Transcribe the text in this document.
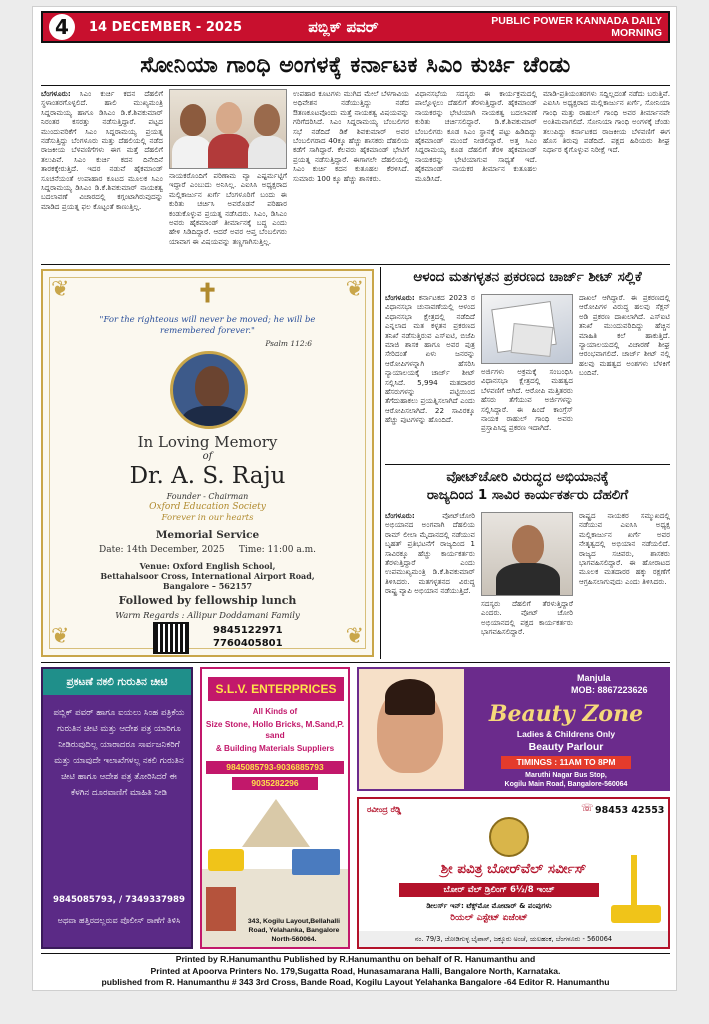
4	14 DECEMBER - 2025	ಪಬ್ಲಿಕ್ ಪವರ್	PUBLIC POWER KANNADA DAILY MORNING
ಸೋನಿಯಾ ಗಾಂಧಿ ಅಂಗಳಕ್ಕೆ ಕರ್ನಾಟಕ ಸಿಎಂ ಕುರ್ಚಿ ಚೆಂಡು
ಬೆಂಗಳೂರು: ಸಿಎಂ ಕುರ್ಚಿ ಕದನ ದೆಹಲಿಗೆ ಸ್ಥಳಾಂತರಗೊಳ್ಳಲಿದೆ. ಹಾಲಿ ಮುಖ್ಯಮಂತ್ರಿ ಸಿದ್ದರಾಮಯ್ಯ ಹಾಗೂ ಡಿಸಿಎಂ ಡಿ.ಕೆ.ಶಿವಕುಮಾರ್ ನಿರಂತರ ಕಸರತ್ತು ನಡೆಸುತ್ತಿದ್ದಾರೆ. ಪಟ್ಟದ ಮುಂದುವರಿಕೆಗೆ ಸಿಎಂ ಸಿದ್ದರಾಮಯ್ಯ ಪ್ರಯತ್ನ ನಡೆಸುತ್ತಿದ್ದು ಬೆಂಗಳೂರು ಮತ್ತು ದೆಹಲಿಯಲ್ಲಿ ನಡೆದ ರಾಜಕೀಯ ಬೆಳವಣಿಗೆಗಳು ಈಗ ಮತ್ತೆ ದೆಹಲಿಗೆ ತಲುಪಿವೆ. ಸಿಎಂ ಕುರ್ಚಿ ಕದನ ದಿನೇದಿನೆ ತಾರಕಕ್ಕೇರುತ್ತಿದೆ. ಇದರ ನಡುವೆ ಹೈಕಮಾಂಡ್ ಸೂಚನೆಯಂತೆ ಉಪಾಹಾರ ಕೂಟದ ಮೂಲಕ ಸಿಎಂ ಸಿದ್ದರಾಮಯ್ಯ ಡಿಸಿಎಂ ಡಿ.ಕೆ.ಶಿವಕುಮಾರ್ ನಾಯಕತ್ವ ಬದಲಾವಣೆ ವಿಚಾರದಲ್ಲಿ ಕಗ್ಗಂಟಾಗಿರುವುದನ್ನು ಮಾಡಿದ ಪ್ರಯತ್ನ ಫಲ ಕೊಟ್ಟಂತೆ ಕಾಣುತ್ತಿಲ್ಲ.
ನಾಯಕರೊಂದಿಗೆ ಪರಿಣಾಮ ವ್ಯಾ ಎಷ್ಟರ್ಮಟ್ಟಿಗೆ ಇದ್ದಾರೆ ಎಂಬುದು ಅನಿಸಿಲ್ಲ. ಎಐಸಿಸಿ ಅಧ್ಯಕ್ಷರಾದ ಮಲ್ಲಿಕಾರ್ಜುನ ಖರ್ಗೆ ಬೆಂಗಳೂರಿಗೆ ಬಂದು ಈ ಕುರಿತು ಚರ್ಚಿಸಿ ಅವರೊಡನೆ ಪರಿಹಾರ ಕಂಡುಕೊಳ್ಳುವ ಪ್ರಯತ್ನ ನಡೆಸಿದರು. ಸಿಎಂ, ಡಿಸಿಎಂ ಅವರು ಹೈಕಮಾಂಡ್ ತೀರ್ಮಾನಕ್ಕೆ ಬದ್ಧ ಎಂದು ಹೇಳಿ ಸಿಡಿದಿದ್ದಾರೆ. ಆದರೆ ಅವರ ಆಪ್ತ ಬೆಂಬಲಿಗರು ಯಾವಾಗ ಈ ವಿಷಯವನ್ನು ತಣ್ಣಗಾಗಿಸುತ್ತಿಲ್ಲ.
ಉಪಹಾರ ಕೂಟಗಳು ಮುಗಿದ ಮೇಲೆ ಬೆಳಗಾವಿಯ ಅಧಿವೇಶನ ನಡೆಯುತ್ತಿದ್ದು ನಡೆದ ಔತಣಕೂಟವೊಂದು ಮತ್ತೆ ನಾಯಕತ್ವ ವಿಷಯವನ್ನು ಗರಿಗೆದರಿಸಿದೆ. ಸಿಎಂ ಸಿದ್ದರಾಮಯ್ಯ ಬೆಂಬಲಿಗರ ಸಭೆ ನಡೆದಿದೆ ಡಿಕೆ ಶಿವಕುಮಾರ್ ಅವರ ಬೆಂಬಲಿಗರಾದ 40ಕ್ಕೂ ಹೆಚ್ಚು ಶಾಸಕರು ದೆಹಲಿಯ ಕಡೆಗೆ ಸಾಗಿದ್ದಾರೆ. ಕೆಲವರು ಹೈಕಮಾಂಡ್ ಭೇಟಿಗೆ ಪ್ರಯತ್ನ ನಡೆಸುತ್ತಿದ್ದಾರೆ. ಈಗಾಗಲೇ ದೆಹಲಿಯಲ್ಲಿ ಸಿಎಂ ಕುರ್ಚಿ ಕದನ ಕುತೂಹಲ ಕೆರಳಿಸಿದೆ. ಸುಮಾರು 100 ಕ್ಕೂ ಹೆಚ್ಚು ಶಾಸಕರು.
ವಿಧಾನಸಭೆಯ ಸದಸ್ಯರು ಈ ಕಾರ್ಯಕ್ರಮದಲ್ಲಿ ಪಾಲ್ಗೊಳ್ಳಲು ದೆಹಲಿಗೆ ತೆರಳುತ್ತಿದ್ದಾರೆ. ಹೈಕಮಾಂಡ್ ನಾಯಕರನ್ನು ಭೇಟಿಯಾಗಿ ನಾಯಕತ್ವ ಬದಲಾವಣೆ ಕುರಿತು ಚರ್ಚಿಸಲಿದ್ದಾರೆ. ಡಿ.ಕೆ.ಶಿವಕುಮಾರ್ ಬೆಂಬಲಿಗರು ಕೂಡ ಸಿಎಂ ಸ್ಥಾನಕ್ಕೆ ಪಟ್ಟು ಹಿಡಿದಿದ್ದು ಹೈಕಮಾಂಡ್ ಮುಂದೆ ನೀಡಲಿದ್ದಾರೆ. ಅತ್ತ ಸಿಎಂ ಸಿದ್ದರಾಮಯ್ಯ ಕೂಡ ದೆಹಲಿಗೆ ತೆರಳಿ ಹೈಕಮಾಂಡ್ ನಾಯಕರನ್ನು ಭೇಟಿಯಾಗುವ ಸಾಧ್ಯತೆ ಇದೆ. ಹೈಕಮಾಂಡ್ ನಾಯಕರ ತೀರ್ಮಾನ ಕುತೂಹಲ ಮೂಡಿಸಿದೆ.
ಮಾಡಿ-ಪ್ರತಿಯಂತರಗಳು ಸದ್ದಿಲ್ಲದಂತೆ ನಡೆದು ಬರುತ್ತಿವೆ. ಎಐಸಿಸಿ ಅಧ್ಯಕ್ಷರಾದ ಮಲ್ಲಿಕಾರ್ಜುನ ಖರ್ಗೆ, ಸೋನಿಯಾ ಗಾಂಧಿ ಮತ್ತು ರಾಹುಲ್ ಗಾಂಧಿ ಅವರ ತೀರ್ಮಾನವೇ ಅಂತಿಮವಾಗಲಿದೆ. ಸೋನಿಯಾ ಗಾಂಧಿ ಅಂಗಳಕ್ಕೆ ಚೆಂಡು ತಲುಪಿದ್ದು ಕರ್ನಾಟಕದ ರಾಜಕೀಯ ಬೆಳವಣಿಗೆ ಈಗ ಹೊಸ ತಿರುವು ಪಡೆದಿದೆ. ಪಕ್ಷದ ಹಿರಿಯರು ಶೀಘ್ರ ನಿರ್ಧಾರ ಕೈಗೊಳ್ಳುವ ನಿರೀಕ್ಷೆ ಇದೆ.
❦	❦
❦	❦
✝
"For the righteous will never be moved; he will be remembered forever."
Psalm 112:6
In Loving Memory
of
Dr. A. S. Raju
Founder - Chairman
Oxford Education Society
Forever in our hearts
Memorial Service
Date: 14th December, 2025     Time: 11:00 a.m.
Venue: Oxford English School,
Bettahalsoor Cross, International Airport Road,
Bangalore – 562157
Followed by fellowship lunch
Warm Regards : Allipur Doddamani Family
9845122971
7760405801
ಆಳಂದ ಮತಗಳ್ಳತನ ಪ್ರಕರಣದ ಚಾರ್ಜ್ ಶೀಟ್ ಸಲ್ಲಿಕೆ
ಬೆಂಗಳೂರು: ಕರ್ನಾಟಕದ 2023 ರ ವಿಧಾನಸಭಾ ಚುನಾವಣೆಯಲ್ಲಿ ಆಳಂದ ವಿಧಾನಸಭಾ ಕ್ಷೇತ್ರದಲ್ಲಿ ನಡೆದಿದೆ ಎನ್ನಲಾದ ಮತ ಕಳ್ಳತನ ಪ್ರಕರಣದ ತನಿಖೆ ನಡೆಸುತ್ತಿರುವ ಎಸ್ಐಟಿ, ಬಿಜೆಪಿ ಮಾಜಿ ಶಾಸಕ ಹಾಗೂ ಅವರ ಪುತ್ರ ಸೇರಿದಂತೆ ಏಳು ಜನರನ್ನು ಆರೋಪಿಗಳನ್ನಾಗಿ ಹೆಸರಿಸಿ ನ್ಯಾಯಾಲಯಕ್ಕೆ ಚಾರ್ಜ್ ಶೀಟ್ ಸಲ್ಲಿಸಿದೆ. 5,994 ಮತದಾರರ ಹೆಸರುಗಳನ್ನು ಪಟ್ಟಿಯಿಂದ ತೆಗೆದುಹಾಕಲು ಪ್ರಯತ್ನಿಸಲಾಗಿದೆ ಎಂದು ಆರೋಪಿಸಲಾಗಿದೆ. 22 ಸಾವಿರಕ್ಕೂ ಹೆಚ್ಚು ಪುಟಗಳನ್ನು ಹೊಂದಿದೆ.
ಅರ್ಜಿಗಳು ಅಕ್ರಮಕ್ಕೆ ಸಂಬಂಧಿಸಿ ವಿಧಾನಸಭಾ ಕ್ಷೇತ್ರದಲ್ಲಿ ಮಹತ್ವದ ಬೆಳವಣಿಗೆ ಆಗಿದೆ. ಆರೋಪಿ ಮತ್ತಿತರರು ಹೆಸರು ತೆಗೆಯುವ ಅರ್ಜಿಗಳನ್ನು ಸಲ್ಲಿಸಿದ್ದಾರೆ. ಈ ಹಿಂದೆ ಕಾಂಗ್ರೆಸ್ ನಾಯಕ ರಾಹುಲ್ ಗಾಂಧಿ ಅವರು ಪ್ರಸ್ತಾಪಿಸಿದ್ದ ಪ್ರಕರಣ ಇದಾಗಿದೆ.
ದಾಖಲೆ ಆಗಿದ್ದಾರೆ. ಈ ಪ್ರಕರಣದಲ್ಲಿ ಆರೋಪಿಗಳ ವಿರುದ್ಧ ಹಲವು ಸೆಕ್ಷನ್ ಅಡಿ ಪ್ರಕರಣ ದಾಖಲಾಗಿದೆ. ಎಸ್ಐಟಿ ತನಿಖೆ ಮುಂದುವರಿದಿದ್ದು ಹೆಚ್ಚಿನ ಮಾಹಿತಿ ಕಲೆ ಹಾಕುತ್ತಿದೆ. ನ್ಯಾಯಾಲಯದಲ್ಲಿ ವಿಚಾರಣೆ ಶೀಘ್ರ ಆರಂಭವಾಗಲಿದೆ. ಚಾರ್ಜ್ ಶೀಟ್ ನಲ್ಲಿ ಹಲವು ಮಹತ್ವದ ಅಂಶಗಳು ಬೆಳಕಿಗೆ ಬಂದಿವೆ.
ವೋಟ್‌ಚೋರಿ ವಿರುದ್ಧದ ಅಭಿಯಾನಕ್ಕೆ
ರಾಜ್ಯದಿಂದ 1 ಸಾವಿರ ಕಾರ್ಯಕರ್ತರು ದೆಹಲಿಗೆ
ಬೆಂಗಳೂರು:	ವೋಟ್‌ಚೋರಿ ಅಭಿಯಾನದ ಅಂಗವಾಗಿ ದೆಹಲಿಯ ರಾಮ್ ಲೀಲಾ ಮೈದಾನದಲ್ಲಿ ನಡೆಯುವ ಬೃಹತ್ ಪ್ರತಿಭಟನೆಗೆ ರಾಜ್ಯದಿಂದ 1 ಸಾವಿರಕ್ಕೂ ಹೆಚ್ಚು ಕಾರ್ಯಕರ್ತರು ತೆರಳುತ್ತಿದ್ದಾರೆ ಎಂದು ಉಪಮುಖ್ಯಮಂತ್ರಿ ಡಿ.ಕೆ.ಶಿವಕುಮಾರ್ ತಿಳಿಸಿದರು. ಮತಗಳ್ಳತನದ ವಿರುದ್ಧ ರಾಷ್ಟ್ರ ವ್ಯಾಪಿ ಅಭಿಯಾನ ನಡೆಯುತ್ತಿದೆ.
ಸದಸ್ಯರು ದೆಹಲಿಗೆ ತೆರಳುತ್ತಿದ್ದಾರೆ ಎಂದರು. ವೋಟ್ ಚೋರಿ ಅಭಿಯಾನದಲ್ಲಿ ಪಕ್ಷದ ಕಾರ್ಯಕರ್ತರು ಭಾಗವಹಿಸಲಿದ್ದಾರೆ.
ರಾಷ್ಟ್ರದ ನಾಯಕರ ಸಮ್ಮುಖದಲ್ಲಿ ನಡೆಯುವ ಎಐಸಿಸಿ ಅಧ್ಯಕ್ಷ ಮಲ್ಲಿಕಾರ್ಜುನ ಖರ್ಗೆ ಅವರ ನೇತೃತ್ವದಲ್ಲಿ ಅಭಿಯಾನ ನಡೆಯಲಿದೆ. ರಾಜ್ಯದ ಸಚಿವರು, ಶಾಸಕರು ಭಾಗವಹಿಸಲಿದ್ದಾರೆ. ಈ ಹೋರಾಟದ ಮೂಲಕ ಮತದಾರರ ಹಕ್ಕು ರಕ್ಷಣೆಗೆ ಆಗ್ರಹಿಸಲಾಗುವುದು ಎಂದು ತಿಳಿಸಿದರು.
ಪ್ರಕಟಣೆ ನಕಲಿ ಗುರುತಿನ ಚೀಟಿ
ಪಬ್ಲಿಕ್ ಪವರ್ ಹಾಗೂ ಐಯಲು ಸಿಂಹ ಪತ್ರಿಕೆಯ ಗುರುತಿನ ಚೀಟಿ ಮತ್ತು ಆದೇಶ ಪತ್ರ ಯಾರಿಗೂ ನೀಡಿರುವುದಿಲ್ಲ ಯಾರಾದರೂ ಸಾರ್ವಜನಿಕರಿಗೆ ಮತ್ತು ಯಾವುದೇ ಇಲಾಖೆಗಳಲ್ಲ ನಕಲಿ ಗುರುತಿನ ಚೀಟಿ ಹಾಗೂ ಆದೇಶ ಪತ್ರ ತೋರಿಸಿದರೆ ಈ ಕೆಳಗಿನ ದೂರವಾಣಿಗೆ ಮಾಹಿತಿ ನೀಡಿ
9845085793, / 7349337989
ಅಥವಾ ಹತ್ತಿರದಲ್ಲರುವ ಪೊಲೀಸ್ ಠಾಣೆಗೆ ತಿಳಿಸಿ
S.L.V. ENTERPRICES
All Kinds of
Size Stone, Hollo Bricks, M.Sand,P. sand
& Building Materials Suppliers
9845085793-9036885793
9035282296
343, Kogilu Layout,Bellahalli Road, Yelahanka, Bangalore North-560064.
Manjula
MOB: 8867223626
Beauty Zone
Ladies & Childrens Only
Beauty Parlour
TIMINGS : 11AM TO 8PM
Maruthi Nagar Bus Stop,
Kogilu Main Road, Bangalore-560064
ರವೀಂದ್ರ ರೆಡ್ಡಿ	☏ 98453 42553
ಶ್ರೀ ಪವಿತ್ರ ಬೋರ್‌ವೆಲ್ ಸರ್ವೀಸ್
ಬೋರ್ ವೆಲ್ ಡ್ರಿಲಿಂಗ್ 6½/8 ಇಂಚ್
ಡೀಲರ್ಸ್ ಇನ್: ಟೆಕ್ಸ್‌ಮೋ ಮೋಟಾರ್ & ಪಂಪುಗಳು
ರಿಯಲ್ ಎಸ್ಟೇಟ್ ಏಜೆಂಟ್
ನಂ. 79/3, ಜೋಡಿಗುಳ್ಳ ಬೈಪಾಸ್, ಜಕ್ಕೂರು ಅಂಚೆ, ಯಲಹಂಕ, ಬೆಂಗಳೂರು - 560064
Printed by R.Hanumanthu Published by R.Hanumanthu on behalf of R. Hanumanthu and
Printed at Apoorva Printers No. 179,Sugatta Road, Hunasamarana Halli, Bangalore North, Karnataka.
published from R. Hanumanthu # 343 3rd Cross, Bande Road, Kogilu Layout Yelahanka Bangalore -64 Editor R. Hanumanthu
